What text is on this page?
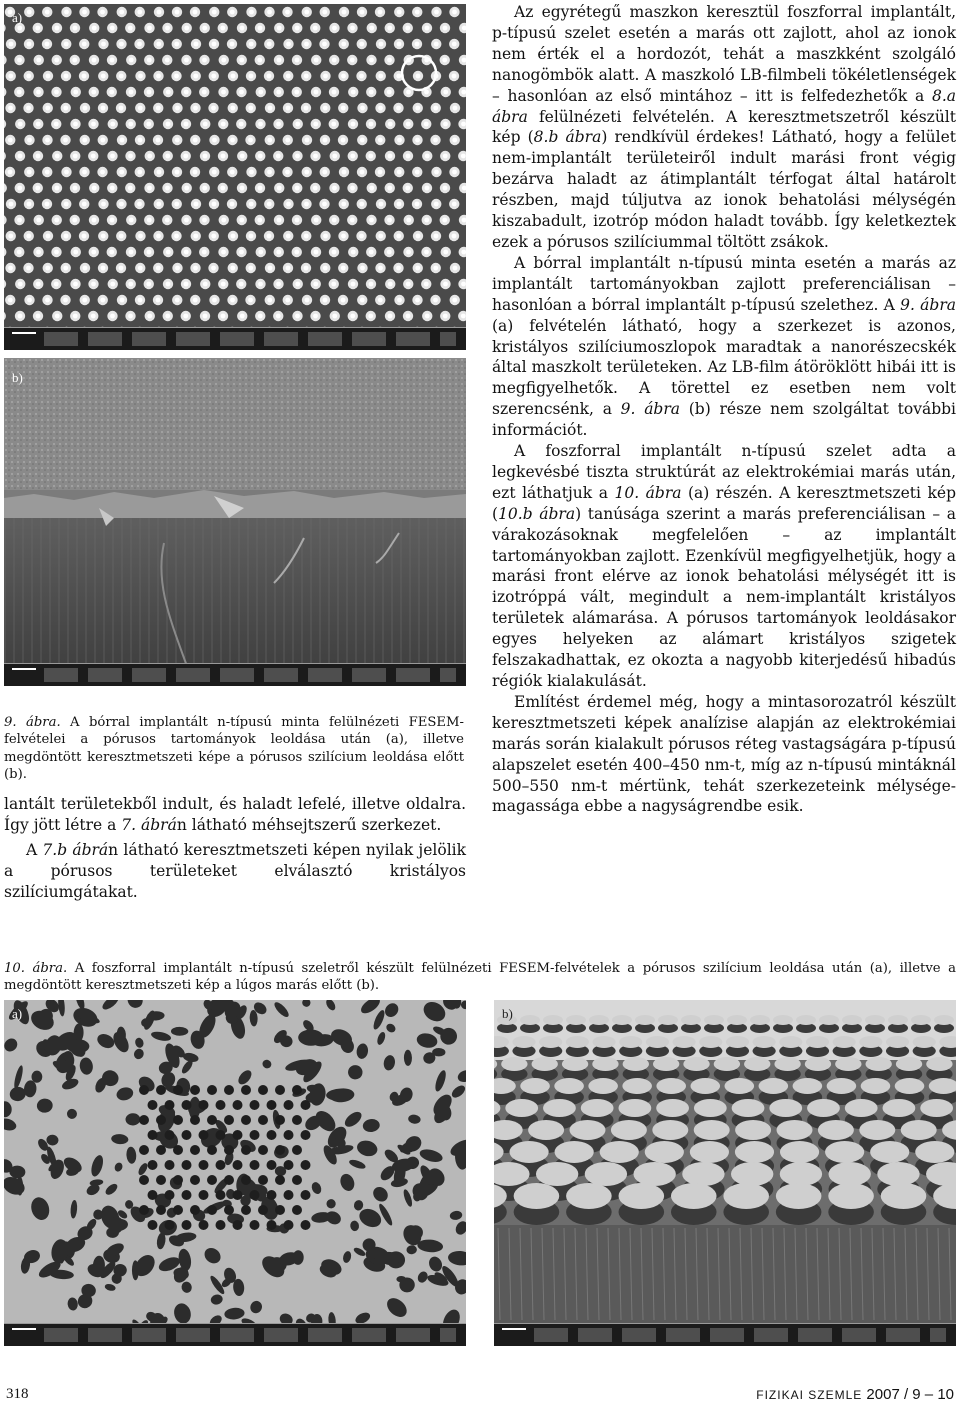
a)
b)
9. ábra. A bórral implantált n-típusú minta felülnézeti FESEM-felvételei a pórusos tartományok leoldása után (a), illetve megdöntött keresztmetszeti képe a pórusos szilícium leoldása előtt (b).

lantált területekből indult, és haladt lefelé, illetve oldalra. Így jött létre a 7. ábrán látható méhsejtszerű szerkezet.

A 7.b ábrán látható keresztmetszeti képen nyilak jelölik a pórusos területeket elválasztó kristályos szilíciumgátakat.

Az egyrétegű maszkon keresztül foszforral implantált, p-típusú szelet esetén a marás ott zajlott, ahol az ionok nem érték el a hordozót, tehát a maszkként szolgáló nanogömbök alatt. A maszkoló LB-filmbeli tökéletlenségek – hasonlóan az első mintához – itt is felfedezhetők a 8.a ábra felülnézeti felvételén. A keresztmetszetről készült kép (8.b ábra) rendkívül érdekes! Látható, hogy a felület nem-implantált területeiről indult marási front végig bezárva haladt az átimplantált térfogat által határolt részben, majd túljutva az ionok behatolási mélységén kiszabadult, izotróp módon haladt tovább. Így keletkeztek ezek a pórusos szilíciummal töltött zsákok.

A bórral implantált n-típusú minta esetén a marás az implantált tartományokban zajlott preferenciálisan – hasonlóan a bórral implantált p-típusú szelethez. A 9. ábra (a) felvételén látható, hogy a szerkezet is azonos, kristályos szilíciumoszlopok maradtak a nanorészecskék által maszkolt területeken. Az LB-film átöröklött hibái itt is megfigyelhetők. A törettel ez esetben nem volt szerencsénk, a 9. ábra (b) része nem szolgáltat további információt.

A foszforral implantált n-típusú szelet adta a legkevésbé tiszta struktúrát az elektrokémiai marás után, ezt láthatjuk a 10. ábra (a) részén. A keresztmetszeti kép (10.b ábra) tanúsága szerint a marás preferenciálisan – a várakozásoknak megfelelően – az implantált tartományokban zajlott. Ezenkívül megfigyelhetjük, hogy a marási front elérve az ionok behatolási mélységét itt is izotróppá vált, megindult a nem-implantált kristályos területek alámarása. A pórusos tartományok leoldásakor egyes helyeken az alámart kristályos szigetek felszakadhattak, ez okozta a nagyobb kiterjedésű hibadús régiók kialakulását.

Említést érdemel még, hogy a mintasorozatról készült keresztmetszeti képek analízise alapján az elektrokémiai marás során kialakult pórusos réteg vastagságára p-típusú alapszelet esetén 400–450 nm-t, míg az n-típusú mintáknál 500–550 nm-t mértünk, tehát szerkezeteink mélysége-magassága ebbe a nagyságrendbe esik.

10. ábra. A foszforral implantált n-típusú szeletről készült felülnézeti FESEM-felvételek a pórusos szilícium leoldása után (a), illetve a megdöntött keresztmetszeti kép a lúgos marás előtt (b).
a)	b)
318	FIZIKAI SZEMLE 2007 / 9 – 10
